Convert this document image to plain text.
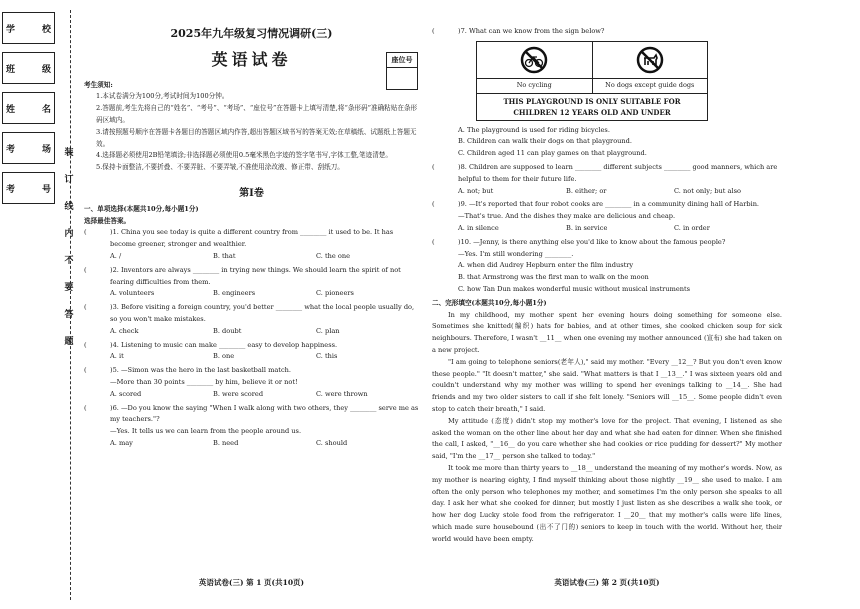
学	校

班	级

姓	名

考	场

考	号

装 订 线 内 不 要 答 题
2025年九年级复习情况调研(三)
英语试卷	座位号
考生须知:
1.本试卷满分为100分,考试时间为100分钟。
2.答题前,考生先将自己的“姓名”、“考号”、“考场”、“座位号”在答题卡上填写清楚,将“条形码”准确粘贴在条形码区域内。
3.请按照题号顺序在答题卡各题目的答题区域内作答,超出答题区域书写的答案无效;在草稿纸、试题纸上答题无效。
4.选择题必须使用2B铅笔填涂;非选择题必须使用0.5毫米黑色字迹的签字笔书写,字体工整,笔迹清楚。
5.保持卡面整洁,不要折叠、不要弄脏、不要弄皱,不准使用涂改液、修正带、刮纸刀。
第Ⅰ卷
一、单项选择(本题共10分,每小题1分)
选择最佳答案。
(	)1. China you see today is quite a different country from ________ it used to be. It has become greener, stronger and wealthier.
A. /	B. that	C. the one
(	)2. Inventors are always ________ in trying new things. We should learn the spirit of not fearing difficulties from them.
A. volunteers	B. engineers	C. pioneers
(	)3. Before visiting a foreign country, you'd better ________ what the local people usually do, so you won't make mistakes.
A. check	B. doubt	C. plan
(	)4. Listening to music can make ________ easy to develop happiness.
A. it	B. one	C. this
(	)5. —Simon was the hero in the last basketball match.
—More than 30 points ________ by him, believe it or not!
A. scored	B. were scored	C. were thrown
(	)6. —Do you know the saying "When I walk along with two others, they ________ serve me as my teachers."?
—Yes. It tells us we can learn from the people around us.
A. may	B. need	C. should
英语试卷(三) 第 1 页(共10页)
(	)7. What can we know from the sign below?
No cycling	No dogs except guide dogs
THIS PLAYGROUND IS ONLY SUITABLE FOR
CHILDREN 12 YEARS OLD AND UNDER
A. The playground is used for riding bicycles.
B. Children can walk their dogs on that playground.
C. Children aged 11 can play games on that playground.
(	)8. Children are supposed to learn ________ different subjects ________ good manners, which are helpful to them for their future life.
A. not; but	B. either; or	C. not only; but also
(	)9. —It's reported that four robot cooks are ________ in a community dining hall of Harbin.
—That's true. And the dishes they make are delicious and cheap.
A. in silence	B. in service	C. in order
(	)10. —Jenny, is there anything else you'd like to know about the famous people?
—Yes. I'm still wondering ________.
A. when did Audrey Hepburn enter the film industry
B. that Armstrong was the first man to walk on the moon
C. how Tan Dun makes wonderful music without musical instruments
二、完形填空(本题共10分,每小题1分)
In my childhood, my mother spent her evening hours doing something for someone else. Sometimes she knitted(编织) hats for babies, and at other times, she cooked chicken soup for sick neighbours. Therefore, I wasn't __11__ when one evening my mother announced (宣布) she had taken on a new project.
"I am going to telephone seniors(老年人)," said my mother. "Every __12__? But you don't even know these people." "It doesn't matter," she said. "What matters is that I __13__." I was sixteen years old and couldn't understand why my mother was willing to spend her evenings talking to __14__. She had friends and my two older sisters to call if she felt lonely. "Seniors will __15__. Some people didn't even stop to catch their breath," I said.
My attitude (态度) didn't stop my mother's love for the project. That evening, I listened as she asked the woman on the other line about her day and what she had eaten for dinner. When she finished the call, I asked, "__16__ do you care whether she had cookies or rice pudding for dessert?" My mother said, "I'm the __17__ person she talked to today."
It took me more than thirty years to __18__ understand the meaning of my mother's words. Now, as my mother is nearing eighty, I find myself thinking about those nightly __19__ she used to make. I am often the only person who telephones my mother, and sometimes I'm the only person she speaks to all day. I ask her what she cooked for dinner, but mostly I just listen as she describes a walk she took, or how her dog Lucky stole food from the refrigerator. I __20__ that my mother's calls were life lines, which made sure housebound (出不了门的) seniors to keep in touch with the world. Without her, their world would have been empty.
英语试卷(三) 第 2 页(共10页)
